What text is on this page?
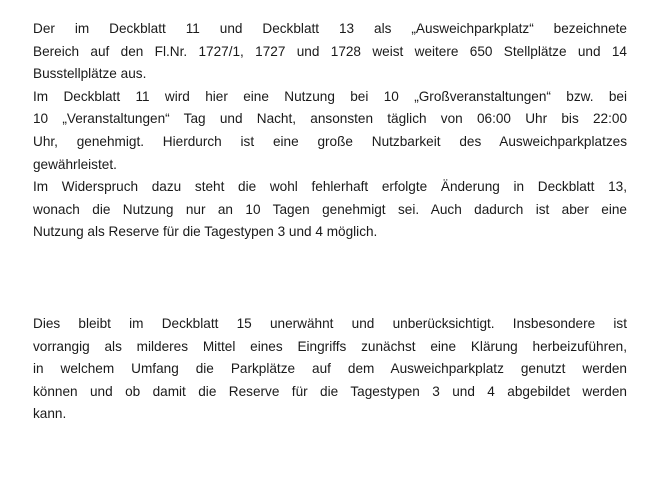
Der im Deckblatt 11 und Deckblatt 13 als „Ausweichparkplatz“ bezeichnete
Bereich auf den Fl.Nr. 1727/1, 1727 und 1728 weist weitere 650 Stellplätze und 14
Busstellplätze aus.
Im Deckblatt 11 wird hier eine Nutzung bei 10 „Großveranstaltungen“ bzw. bei
10 „Veranstaltungen“ Tag und Nacht, ansonsten täglich von 06:00 Uhr bis 22:00
Uhr, genehmigt. Hierdurch ist eine große Nutzbarkeit des Ausweichparkplatzes
gewährleistet.
Im Widerspruch dazu steht die wohl fehlerhaft erfolgte Änderung in Deckblatt 13,
wonach die Nutzung nur an 10 Tagen genehmigt sei. Auch dadurch ist aber eine
Nutzung als Reserve für die Tagestypen 3 und 4 möglich.

Dies bleibt im Deckblatt 15 unerwähnt und unberücksichtigt. Insbesondere ist
vorrangig als milderes Mittel eines Eingriffs zunächst eine Klärung herbeizuführen,
in welchem Umfang die Parkplätze auf dem Ausweichparkplatz genutzt werden
können und ob damit die Reserve für die Tagestypen 3 und 4 abgebildet werden
kann.
